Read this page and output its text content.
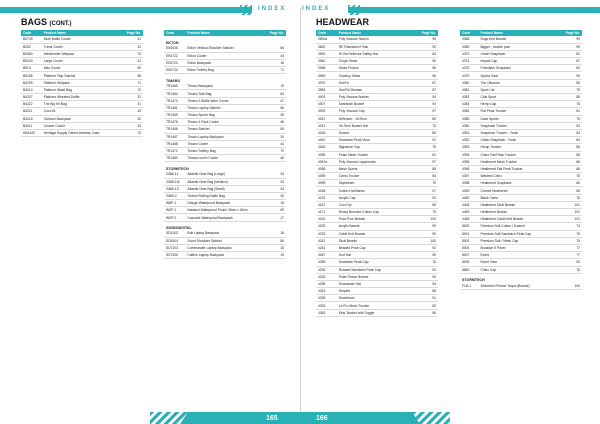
INDEX	INDEX
BAGS (CONT.)	HEADWEAR
Code	Product Name	Page No.
B5749	Multi Bottle Cooler	41
B262	Trend Cooler	41
B2850	Weekender Wetpack	70
B5240	Large Cooler	41
B574	Max Cooler	50
B5186	Platform Flap Satchel	38
B4205	Platform Wetpack	71
B4214	Platform Waist Bag	72
B4207	Platform Wheeled Duffle	31
B4222	The Big Kit Bag	31
B4211	Cool Kit	43
B4216	Outdoor Backpack	25
B4011	Cruiser Cooler	43
HB4100	Heritage Supply Oxford Amenity Case	70
Code	Product Name	Page No.
EKTON		
EK5436	Ekton Vertical Shoulder Satchel	56
EK5722	Ekton Cooler	43
EK5723	Ekton Backpack	16
EK5724	Ekton Toiletry Bag	71
TIMARO		
TR1460	Timaro Backpack	19
TR1464	Timaro Tote Bag	63
TR1470	Timaro 2 Bottle Wine Cooler	47
TR1461	Timaro Laptop Satchel	56
TR1465	Timaro Sports Bag	35
TR1476	Timaro 4 Pack Cooler	46
TR1466	Timaro Satchel	55
TR1467	Timaro Laptop Backpack	20
TR1468	Timaro Cooler	44
TR1472	Timaro Toiletry Bag	70
TR1480	Timaro Lunch Cooler	46
STORMTECH		
GBW-1L	Atlantis Gear Bag (Large)	33
GBW-1M	Atlantis Gear Bag (Medium)	33
GBW-1S	Atlantis Gear Bag (Small)	33
GBW-2	Trident Rolling Duffel Bag	32
WBP-1	Deluge Waterproof Backpack	16
WSP-1	Nahanni Waterproof Pouch 25cm x 15cm	69
WDP-1	Cascade Waterproof Backpack	17
SWISSDIGITAL		
SD1103	Bolt Laptop Backpack	18
SD8104	Scout Shoulder Satchel	56
SD7103	Commander Laptop Backpack	18
SD7306	Calibre Laptop Backpack	19
Code	Product Name	Page No.
3800a	Poly Viscose Slouch	95
3820	RETSandwich Peak	92
3900	Hi-Vis Reflector Safety Hat	84
3940	Tough Straw	96
3968	Straw Fedora	96
3969	Cowboy Straw	96
3970	OneFit	87
3983	OneFit Ottoman	87
4003	Poly Viscose Bucket	94
4007	Sandwich Bucket	94
4009	Poly Viscose Cap	97
4011	Defender - VivTech	80
4013	Vir-Tech Bucket Hat	75
4026	Sunset	80
4040	Sandwich Peak Visor	91
4046	Signature Cap	76
4055	Foam Mesh Trucker	81
4057a	Poly Viscose Legionnaire	97
4058	Mesh Sports	88
4059	Camo Trucker	84
4099	Skystream	79
4156	Cotton Hat Bands	97
4152	Acrylic Cap	92
4187	Cool Dry	89
4171	Heavy Brushed Cotton Cap	79
4220	Poco Pom Beanie	100
4229	Acrylic Beanie	99
4233	Cable Knit Beanie	99
4242	Skull Beanie	100
4261	Beaded Peak Cap	92
4267	Surf Hat	95
4289	Sandwich Peak Cap	76
4290	Rotated Sandwich Peak Cap	92
4292	Polar Fleece Beanie	99
4295	Sunmaster Hat	94
4324	Serpent	88
4325	Downforce	91
4326	Le Pro Mesh Trucker	82
4363	Kids' Bucket with Toggle	96
Code	Product Name	Page No.
4368	Rugo Knit Beanie	99
4369	Bigger - double pom	99
4373	Urban Snapback	82
4374	Impact Cap	87
4376	Freestyler Snapback	82
4379	Sports Visor	90
4380	The Ottoman	80
4381	Sport Lite	79
4382	Club Sport	88
4384	Hemp Cap	76
4384	Flat Peak Trucker	81
4385	Dash Sports	79
4390	Snapback Trucker	83
4391	Snapback Trucker - Youth	84
4392	Urban Snapback - Youth	84
4393	Hemp Trucker	86
4394	Chino Flat Peak Trucker	85
4395	Heathered Mesh Trucker	86
4396	Heathered Flat Peak Trucker	86
4397	Washed Chino	78
4398	Heathered Snapback	85
4399	Curved Heathered	85
4400	Black Camo	78
4405	Heathered Skull Beanie	101
4445	Heathered Beanie	101
4448	Heathered Cable Knit Beanie	101
8000	Premium Soft Cotton / 6 panel	74
8001	Premium Soft Sandwich Peak Cap	75
8003	Premium Soft / Mesh Cap	75
8006	Brooklyn 5 Panel	77
8007	Event	77
8009	Event Visor	90
8860	Chino Cap	78
STORMTECH		
FLB-1	Stormtech Fleece Toque (Beanie)	100
165	166
